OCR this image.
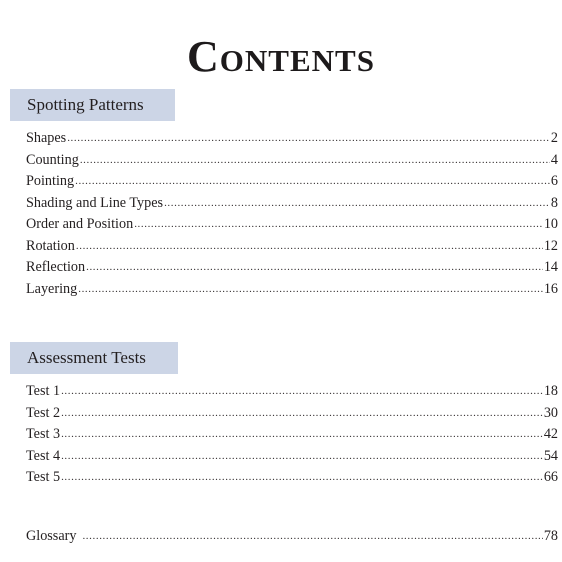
Contents
Spotting Patterns
Shapes .....	2
Counting .....	4
Pointing .....	6
Shading and Line Types .....	8
Order and Position .....	10
Rotation .....	12
Reflection .....	14
Layering .....	16
Assessment Tests
Test 1 .....	18
Test 2 .....	30
Test 3 .....	42
Test 4 .....	54
Test 5 .....	66
Glossary .....	78
